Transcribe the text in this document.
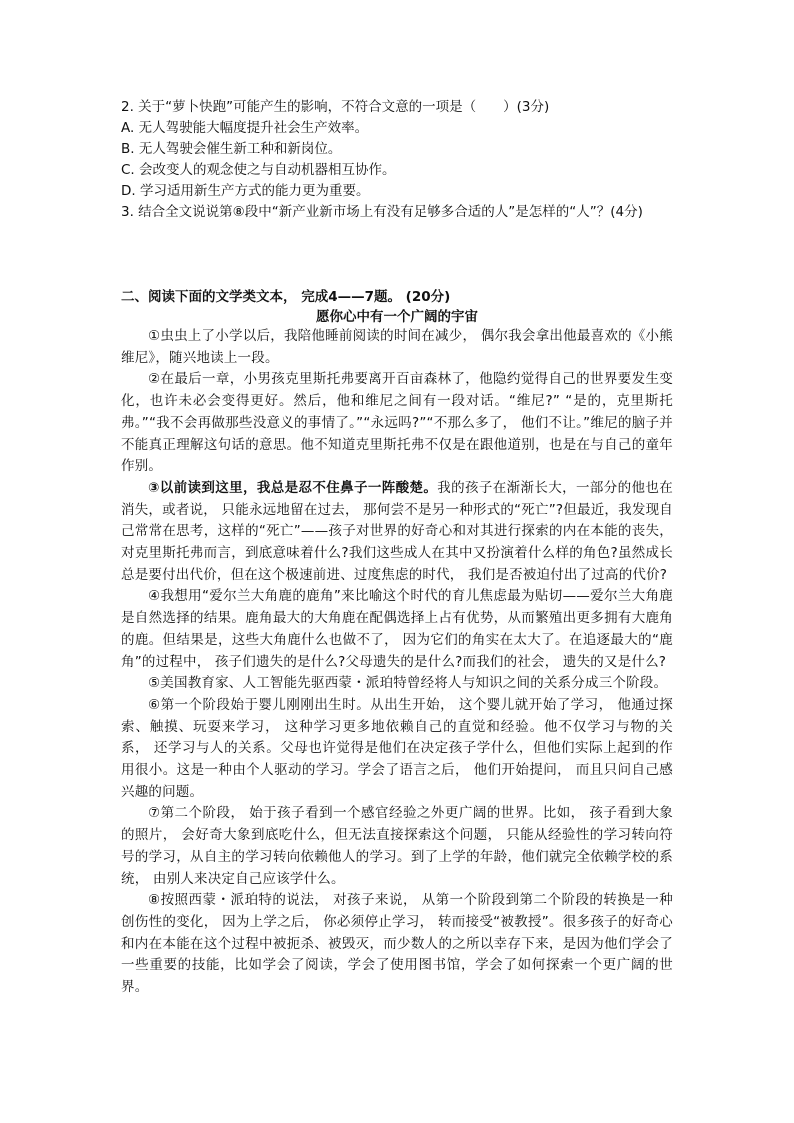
2. 关于“萝卜快跑”可能产生的影响，不符合文意的一项是（　　）(3分)
A. 无人驾驶能大幅度提升社会生产效率。
B. 无人驾驶会催生新工种和新岗位。
C. 会改变人的观念使之与自动机器相互协作。
D. 学习适用新生产方式的能力更为重要。
3. 结合全文说说第⑧段中“新产业新市场上有没有足够多合适的人”是怎样的“人”？(4分)
二、阅读下面的文学类文本， 完成4——7题。 (20分)
愿你心中有一个广阔的宇宙

①虫虫上了小学以后，我陪他睡前阅读的时间在减少， 偶尔我会拿出他最喜欢的《小熊维尼》，随兴地读上一段。

②在最后一章，小男孩克里斯托弗要离开百亩森林了，他隐约觉得自己的世界要发生变化，也许未必会变得更好。然后，他和维尼之间有一段对话。“维尼?” “是的，克里斯托弗。”“我不会再做那些没意义的事情了。”“永远吗?”“不那么多了， 他们不让。”维尼的脑子并不能真正理解这句话的意思。他不知道克里斯托弗不仅是在跟他道别，也是在与自己的童年作别。

③以前读到这里，我总是忍不住鼻子一阵酸楚。我的孩子在渐渐长大，一部分的他也在消失，或者说， 只能永远地留在过去， 那何尝不是另一种形式的“死亡”?但最近，我发现自己常常在思考，这样的“死亡”——孩子对世界的好奇心和对其进行探索的内在本能的丧失，对克里斯托弗而言，到底意味着什么?我们这些成人在其中又扮演着什么样的角色?虽然成长总是要付出代价，但在这个极速前进、过度焦虑的时代， 我们是否被迫付出了过高的代价?

④我想用“爱尔兰大角鹿的鹿角”来比喻这个时代的育儿焦虑最为贴切——爱尔兰大角鹿是自然选择的结果。鹿角最大的大角鹿在配偶选择上占有优势，从而繁殖出更多拥有大鹿角的鹿。但结果是，这些大角鹿什么也做不了， 因为它们的角实在太大了。在追逐最大的“鹿角”的过程中， 孩子们遗失的是什么?父母遗失的是什么?而我们的社会， 遗失的又是什么?

⑤美国教育家、人工智能先驱西蒙・派珀特曾经将人与知识之间的关系分成三个阶段。

⑥第一个阶段始于婴儿刚刚出生时。从出生开始， 这个婴儿就开始了学习， 他通过探索、触摸、玩耍来学习， 这种学习更多地依赖自己的直觉和经验。他不仅学习与物的关系， 还学习与人的关系。父母也许觉得是他们在决定孩子学什么，但他们实际上起到的作用很小。这是一种由个人驱动的学习。学会了语言之后， 他们开始提问， 而且只问自己感兴趣的问题。

⑦第二个阶段， 始于孩子看到一个感官经验之外更广阔的世界。比如， 孩子看到大象的照片， 会好奇大象到底吃什么，但无法直接探索这个问题， 只能从经验性的学习转向符号的学习，从自主的学习转向依赖他人的学习。到了上学的年龄，他们就完全依赖学校的系统， 由别人来决定自己应该学什么。

⑧按照西蒙・派珀特的说法， 对孩子来说， 从第一个阶段到第二个阶段的转换是一种创伤性的变化， 因为上学之后， 你必须停止学习， 转而接受“被教授”。很多孩子的好奇心和内在本能在这个过程中被扼杀、被毁灭，而少数人的之所以幸存下来，是因为他们学会了一些重要的技能，比如学会了阅读，学会了使用图书馆，学会了如何探索一个更广阔的世界。
